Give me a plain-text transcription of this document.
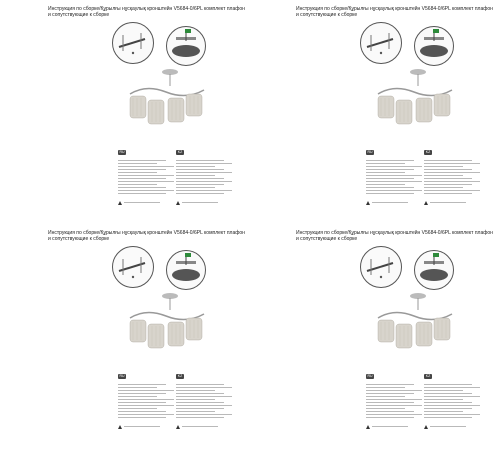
Инструкция по сборке/Құрылғы нұсқаулық кронштейн V5684-0/6PL комплект плафон и сопутствующие к сборке
RU	KZ
Инструкция по сборке/Құрылғы нұсқаулық кронштейн V5684-0/6PL комплект плафон и сопутствующие к сборке
RU	KZ
Инструкция по сборке/Құрылғы нұсқаулық кронштейн V5684-0/6PL комплект плафон и сопутствующие к сборке
RU	KZ
Инструкция по сборке/Құрылғы нұсқаулық кронштейн V5684-0/6PL комплект плафон и сопутствующие к сборке
RU	KZ
